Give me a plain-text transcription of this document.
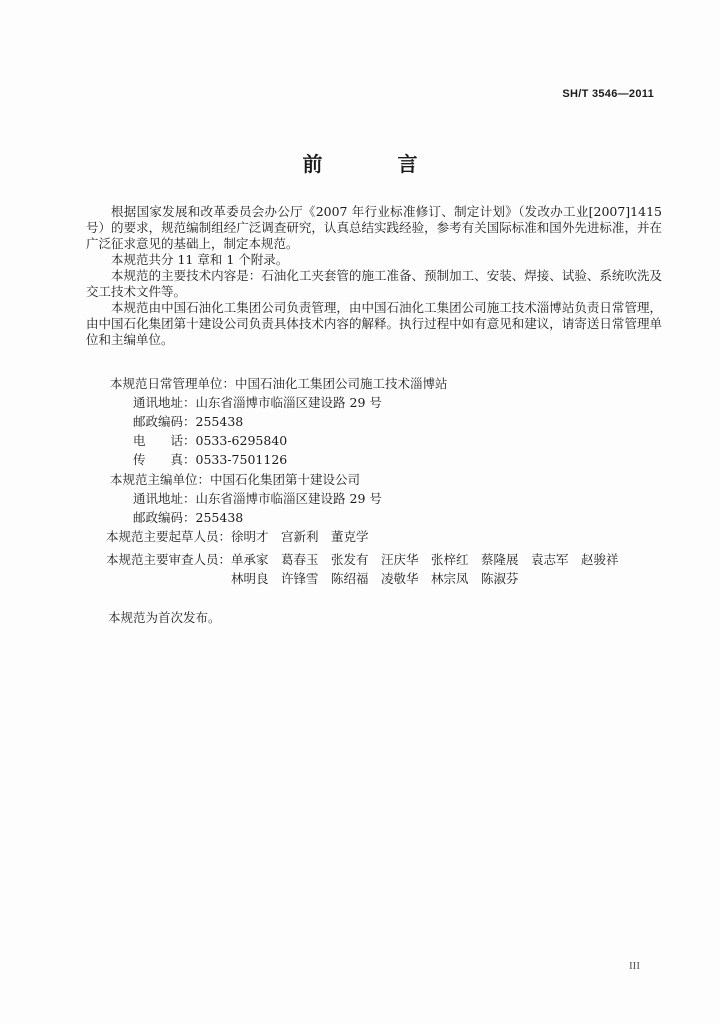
SH/T 3546—2011
前 言

根据国家发展和改革委员会办公厅《2007 年行业标准修订、制定计划》（发改办工业[2007]1415 号）的要求，规范编制组经广泛调查研究，认真总结实践经验，参考有关国际标准和国外先进标准，并在广泛征求意见的基础上，制定本规范。

本规范共分 11 章和 1 个附录。

本规范的主要技术内容是：石油化工夹套管的施工准备、预制加工、安装、焊接、试验、系统吹洗及交工技术文件等。

本规范由中国石油化工集团公司负责管理，由中国石油化工集团公司施工技术淄博站负责日常管理，由中国石化集团第十建设公司负责具体技术内容的解释。执行过程中如有意见和建议，请寄送日常管理单位和主编单位。

本规范日常管理单位：中国石油化工集团公司施工技术淄博站
通讯地址：山东省淄博市临淄区建设路 29 号
邮政编码：255438
电　　话：0533-6295840
传　　真：0533-7501126
本规范主编单位：中国石化集团第十建设公司
通讯地址：山东省淄博市临淄区建设路 29 号
邮政编码：255438
本规范主要起草人员：徐明才 宫新利 董克学
本规范主要审查人员：单承家 葛春玉 张发有 汪庆华 张梓红 蔡隆展 袁志军 赵骏祥
林明良 许锋雪 陈绍福 凌敬华 林宗凤 陈淑芬
本规范为首次发布。
III
